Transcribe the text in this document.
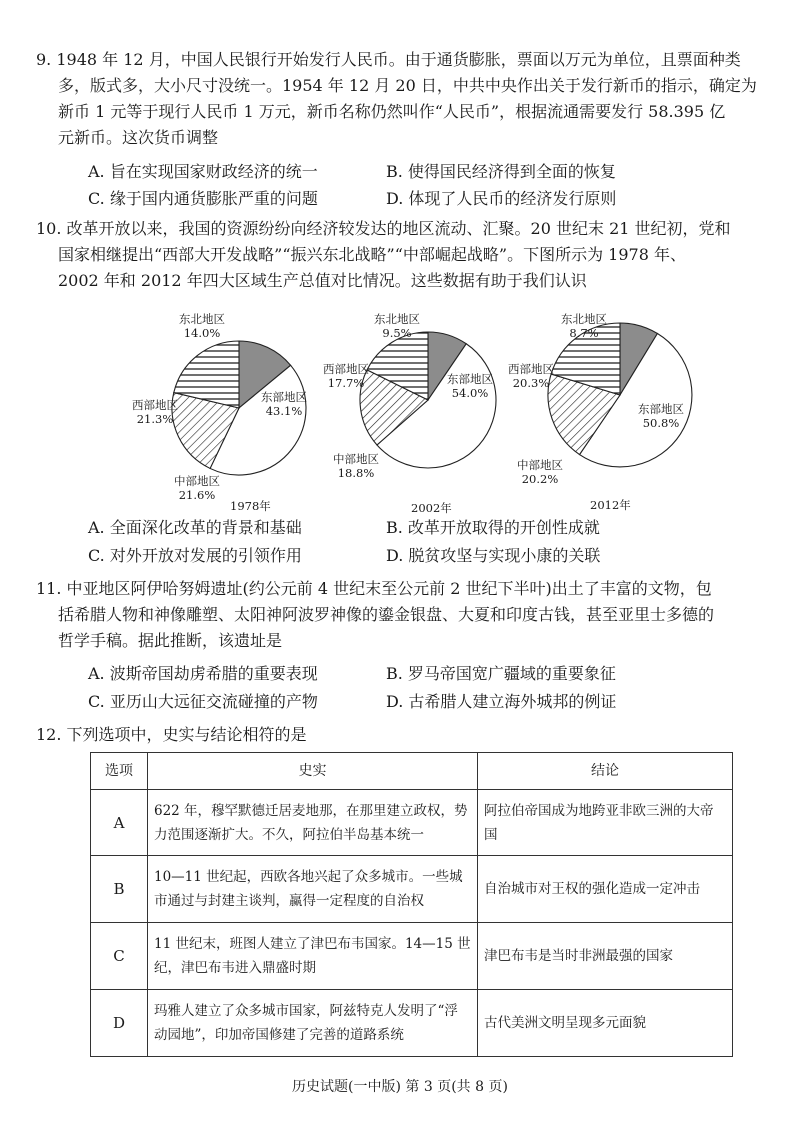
9. 1948 年 12 月，中国人民银行开始发行人民币。由于通货膨胀，票面以万元为单位，且票面种类
多，版式多，大小尺寸没统一。1954 年 12 月 20 日，中共中央作出关于发行新币的指示，确定为
新币 1 元等于现行人民币 1 万元，新币名称仍然叫作“人民币”，根据流通需要发行 58.395 亿
元新币。这次货币调整
A. 旨在实现国家财政经济的统一	B. 使得国民经济得到全面的恢复
C. 缘于国内通货膨胀严重的问题	D. 体现了人民币的经济发行原则
10. 改革开放以来，我国的资源纷纷向经济较发达的地区流动、汇聚。20 世纪末 21 世纪初，党和
国家相继提出“西部大开发战略”“振兴东北战略”“中部崛起战略”。下图所示为 1978 年、
2002 年和 2012 年四大区域生产总值对比情况。这些数据有助于我们认识
东部地区
43.1%
中部地区
21.6%
西部地区
21.3%
东北地区
14.0%
1978年
东部地区
54.0%
中部地区
18.8%
西部地区
17.7%
东北地区
9.5%
2002年
东部地区
50.8%
中部地区
20.2%
西部地区
20.3%
东北地区
8.7%
2012年
A. 全面深化改革的背景和基础	B. 改革开放取得的开创性成就
C. 对外开放对发展的引领作用	D. 脱贫攻坚与实现小康的关联
11. 中亚地区阿伊哈努姆遗址(约公元前 4 世纪末至公元前 2 世纪下半叶)出土了丰富的文物，包
括希腊人物和神像雕塑、太阳神阿波罗神像的鎏金银盘、大夏和印度古钱，甚至亚里士多德的
哲学手稿。据此推断，该遗址是
A. 波斯帝国劫虏希腊的重要表现	B. 罗马帝国宽广疆域的重要象征
C. 亚历山大远征交流碰撞的产物	D. 古希腊人建立海外城邦的例证
12. 下列选项中，史实与结论相符的是
选项	史实	结论
A	622 年，穆罕默德迁居麦地那，在那里建立政权，势力范围逐渐扩大。不久，阿拉伯半岛基本统一	阿拉伯帝国成为地跨亚非欧三洲的大帝国
B	10—11 世纪起，西欧各地兴起了众多城市。一些城市通过与封建主谈判，赢得一定程度的自治权	自治城市对王权的强化造成一定冲击
C	11 世纪末，班图人建立了津巴布韦国家。14—15 世纪，津巴布韦进入鼎盛时期	津巴布韦是当时非洲最强的国家
D	玛雅人建立了众多城市国家，阿兹特克人发明了“浮动园地”，印加帝国修建了完善的道路系统	古代美洲文明呈现多元面貌
历史试题(一中版) 第 3 页(共 8 页)
